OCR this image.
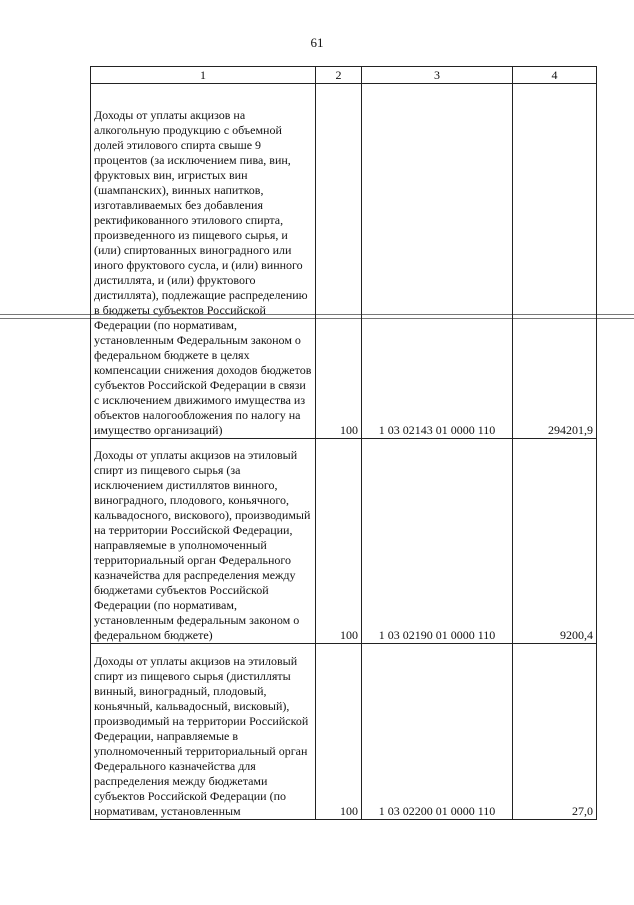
61
1	2	3	4
Доходы от уплаты акцизов на алкогольную продукцию с объемной долей этилового спирта свыше 9 процентов (за исключением пива, вин, фруктовых вин, игристых вин (шампанских), винных напитков, изготавливаемых без добавления ректификованного этилового спирта, произведенного из пищевого сырья, и (или) спиртованных виноградного или иного фруктового сусла, и (или) винного дистиллята, и (или) фруктового дистиллята), подлежащие распределению в бюджеты субъектов Российской Федерации (по нормативам, установленным Федеральным законом о федеральном бюджете в целях компенсации снижения доходов бюджетов субъектов Российской Федерации в связи с исключением движимого имущества из объектов налогообложения по налогу на имущество организаций)	100	1 03 02143 01 0000 110	294201,9
Доходы от уплаты акцизов на этиловый спирт из пищевого сырья (за исключением дистиллятов винного, виноградного, плодового, коньячного, кальвадосного, вискового), производимый на территории Российской Федерации, направляемые в уполномоченный территориальный орган Федерального казначейства для распределения между бюджетами субъектов Российской Федерации (по нормативам, установленным федеральным законом о федеральном бюджете)	100	1 03 02190 01 0000 110	9200,4
Доходы от уплаты акцизов на этиловый спирт из пищевого сырья (дистилляты винный, виноградный, плодовый, коньячный, кальвадосный, висковый), производимый на территории Российской Федерации, направляемые в уполномоченный территориальный орган Федерального казначейства для распределения между бюджетами субъектов Российской Федерации (по нормативам, установленным	100	1 03 02200 01 0000 110	27,0
